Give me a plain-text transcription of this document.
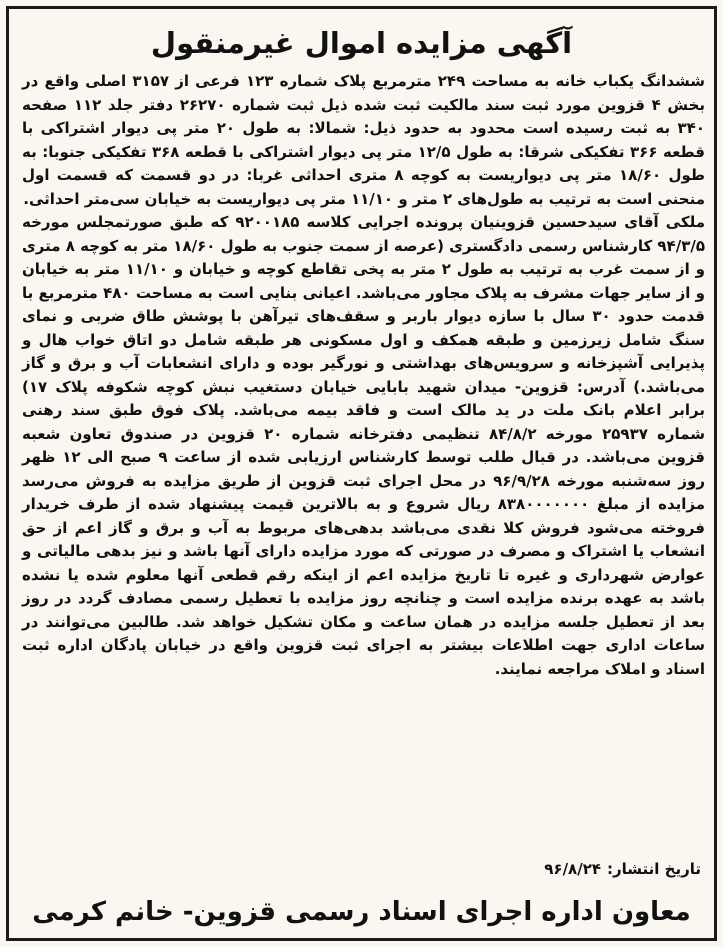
آگهی مزایده اموال غیرمنقول

ششدانگ یکباب خانه به مساحت ۲۴۹ مترمربع پلاک شماره ۱۲۳ فرعی از ۳۱۵۷ اصلی واقع در بخش ۴ قزوین مورد ثبت سند مالکیت ثبت شده ذیل ثبت شماره ۲۶۲۷۰ دفتر جلد ۱۱۲ صفحه ۳۴۰ به ثبت رسیده است محدود به حدود ذیل: شمالا: به طول ۲۰ متر پی دیوار اشتراکی با قطعه ۳۶۶ تفکیکی شرقا: به طول ۱۲/۵ متر پی دیوار اشتراکی با قطعه ۳۶۸ تفکیکی جنوبا: به طول ۱۸/۶۰ متر پی دیواریست به کوچه ۸ متری احداثی غربا: در دو قسمت که قسمت اول منحنی است به ترتیب به طول‌های ۲ متر و ۱۱/۱۰ متر پی دیواریست به خیابان سی‌متر احداثی.

ملکی آقای سیدحسین قزوینیان پرونده اجرایی کلاسه ۹۲۰۰۱۸۵ که طبق صورتمجلس مورخه ۹۴/۳/۵ کارشناس رسمی دادگستری (عرصه از سمت جنوب به طول ۱۸/۶۰ متر به کوچه ۸ متری و از سمت غرب به ترتیب به طول ۲ متر به پخی تقاطع کوچه و خیابان و ۱۱/۱۰ متر به خیابان و از سایر جهات مشرف به پلاک مجاور می‌باشد. اعیانی بنایی است به مساحت ۴۸۰ مترمربع با قدمت حدود ۳۰ سال با سازه دیوار باربر و سقف‌های تیرآهن با پوشش طاق ضربی و نمای سنگ شامل زیرزمین و طبقه همکف و اول مسکونی هر طبقه شامل دو اتاق خواب هال و پذیرایی آشپزخانه و سرویس‌های بهداشتی و نورگیر بوده و دارای انشعابات آب و برق و گاز می‌باشد.) آدرس: قزوین- میدان شهید بابایی خیابان دستغیب نبش کوچه شکوفه پلاک ۱۷) برابر اعلام بانک ملت در ید مالک است و فاقد بیمه می‌باشد. پلاک فوق طبق سند رهنی شماره ۲۵۹۳۷ مورخه ۸۴/۸/۲ تنظیمی دفترخانه شماره ۲۰ قزوین در صندوق تعاون شعبه قزوین می‌باشد. در قبال طلب توسط کارشناس ارزیابی شده از ساعت ۹ صبح الی ۱۲ ظهر روز سه‌شنبه مورخه ۹۶/۹/۲۸ در محل اجرای ثبت قزوین از طریق مزایده به فروش می‌رسد مزایده از مبلغ ۸۳۸۰۰۰۰۰۰۰ ریال شروع و به بالاترین قیمت پیشنهاد شده از طرف خریدار فروخته می‌شود فروش کلا نقدی می‌باشد بدهی‌های مربوط به آب و برق و گاز اعم از حق انشعاب یا اشتراک و مصرف در صورتی که مورد مزایده دارای آنها باشد و نیز بدهی مالیاتی و عوارض شهرداری و غیره تا تاریخ مزایده اعم از اینکه رقم قطعی آنها معلوم شده یا نشده باشد به عهده برنده مزایده است و چنانچه روز مزایده با تعطیل رسمی مصادف گردد در روز بعد از تعطیل جلسه مزایده در همان ساعت و مکان تشکیل خواهد شد. طالبین می‌توانند در ساعات اداری جهت اطلاعات بیشتر به اجرای ثبت قزوین واقع در خیابان پادگان اداره ثبت اسناد و املاک مراجعه نمایند.

تاریخ انتشار:۹۶/۸/۲۴
معاون اداره اجرای اسناد رسمی قزوین- خانم کرمی
